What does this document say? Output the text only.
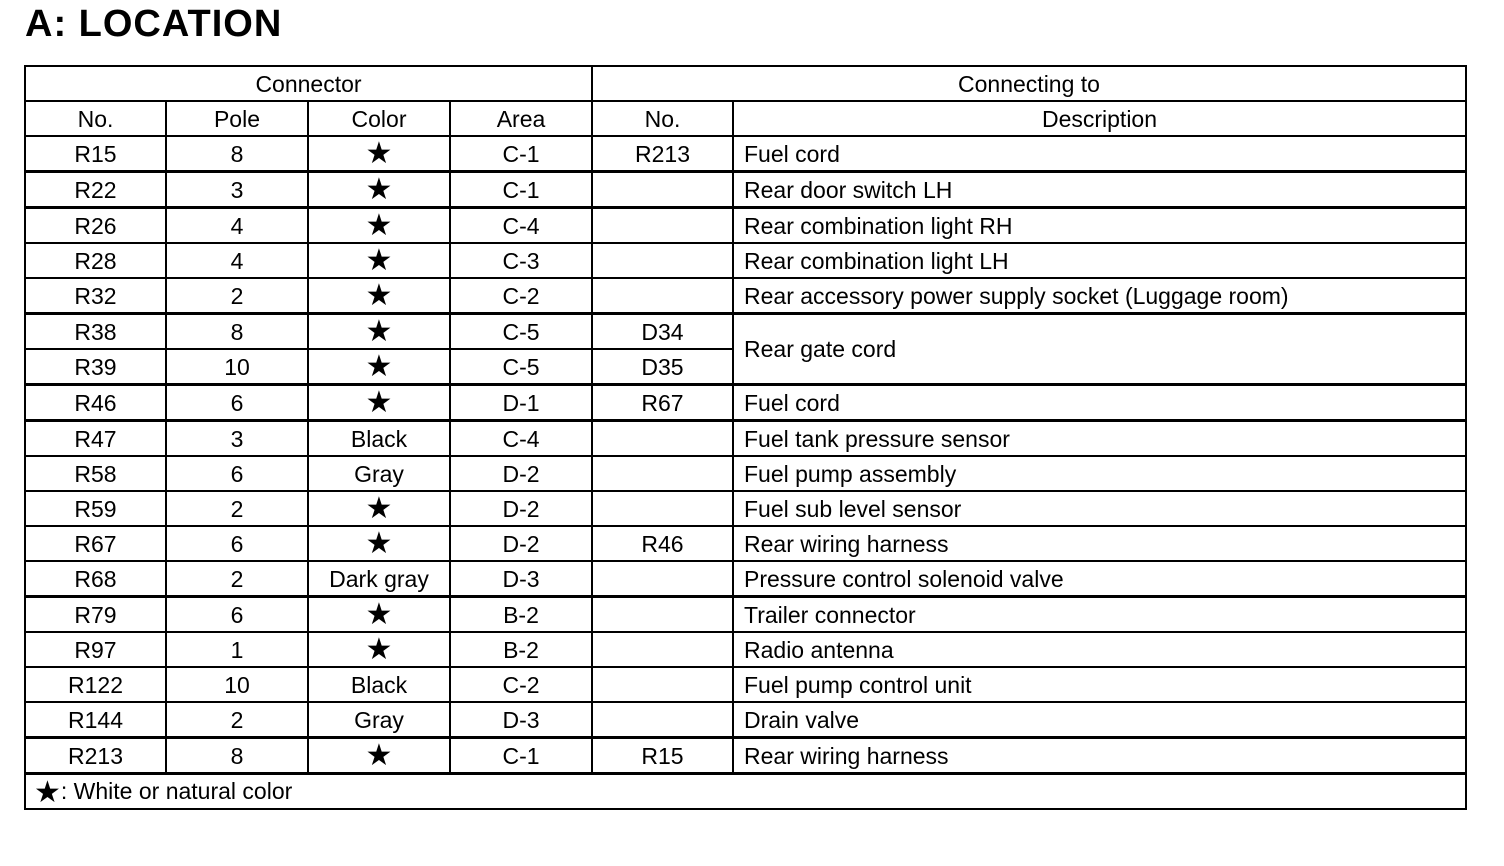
A: LOCATION
Connector				Connecting to	
No.	Pole	Color	Area	No.	Description
R15	8	★	C-1	R213	Fuel cord
R22	3	★	C-1		Rear door switch LH
R26	4	★	C-4		Rear combination light RH
R28	4	★	C-3		Rear combination light LH
R32	2	★	C-2		Rear accessory power supply socket (Luggage room)
R38	8	★	C-5	D34	Rear gate cord
R39	10	★	C-5	D35	
R46	6	★	D-1	R67	Fuel cord
R47	3	Black	C-4		Fuel tank pressure sensor
R58	6	Gray	D-2		Fuel pump assembly
R59	2	★	D-2		Fuel sub level sensor
R67	6	★	D-2	R46	Rear wiring harness
R68	2	Dark gray	D-3		Pressure control solenoid valve
R79	6	★	B-2		Trailer connector
R97	1	★	B-2		Radio antenna
R122	10	Black	C-2		Fuel pump control unit
R144	2	Gray	D-3		Drain valve
R213	8	★	C-1	R15	Rear wiring harness
★: White or natural color					
